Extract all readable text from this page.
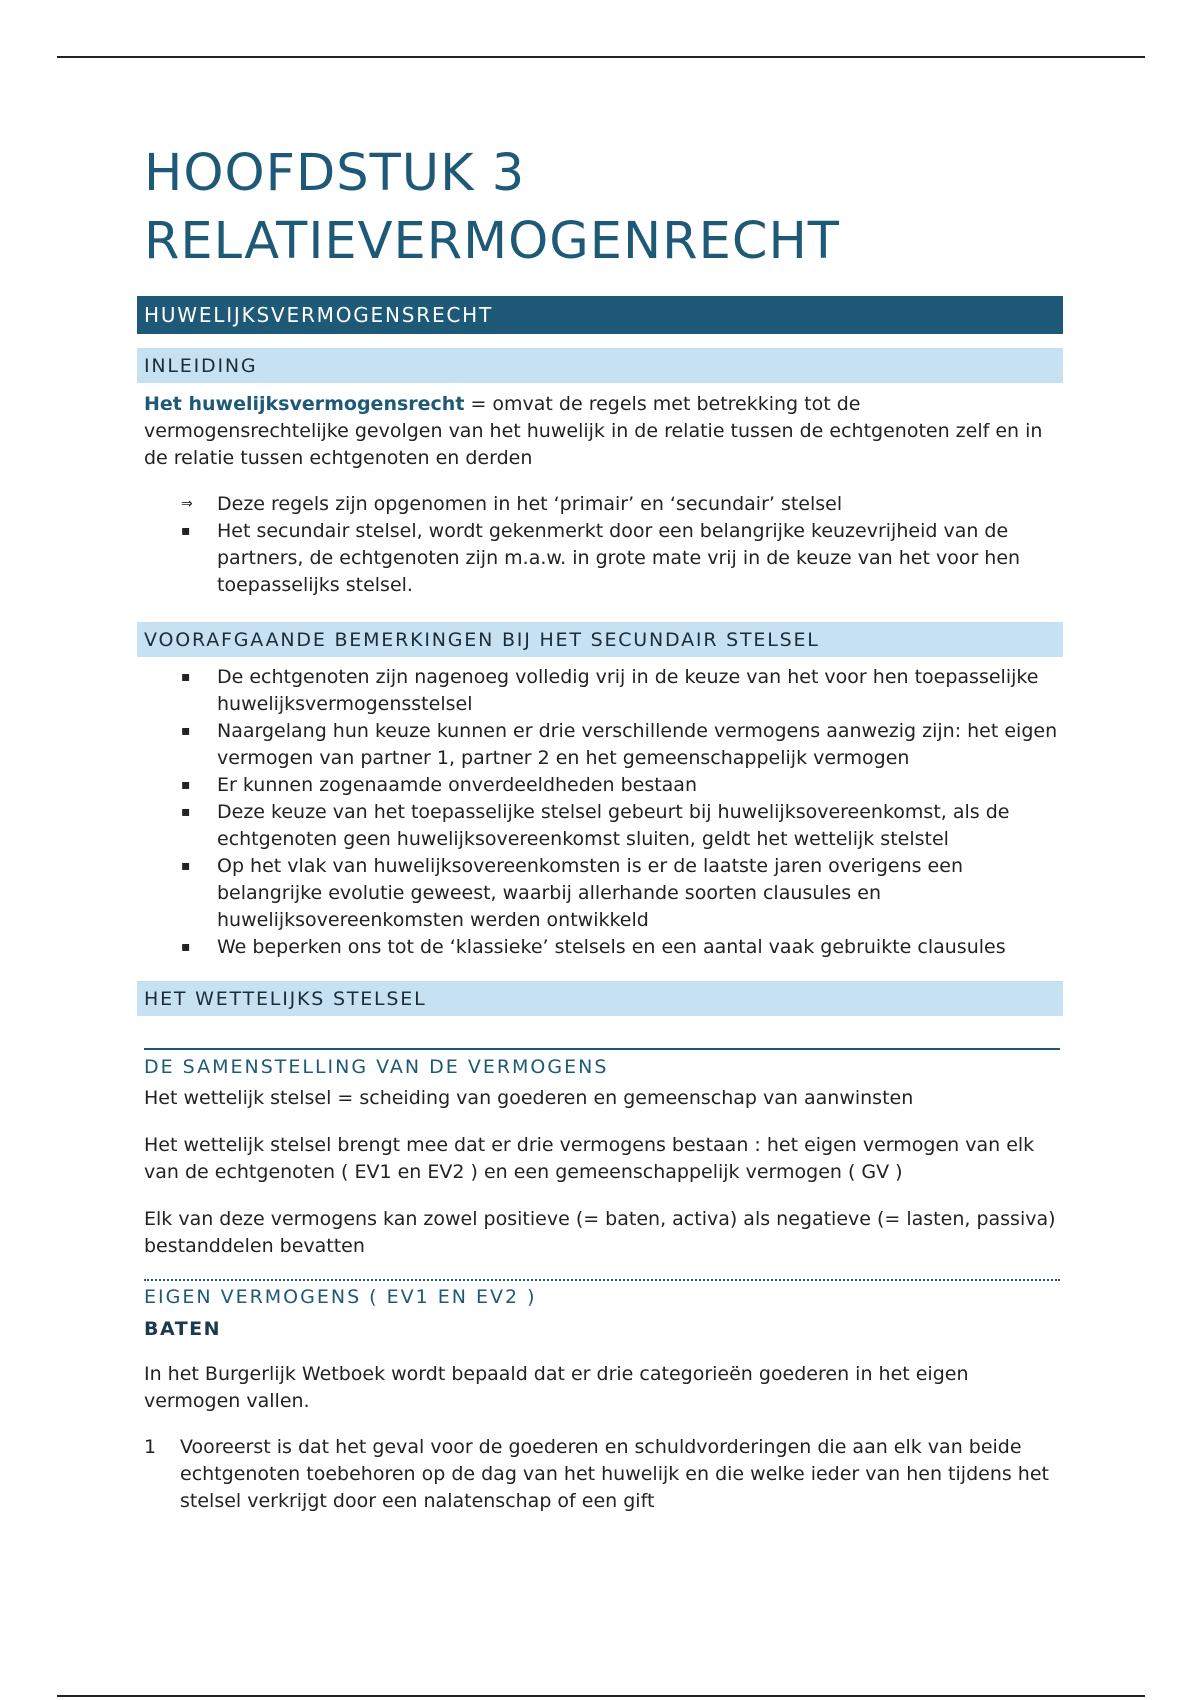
HOOFDSTUK 3
RELATIEVERMOGENRECHT
HUWELIJKSVERMOGENSRECHT
INLEIDING

Het huwelijksvermogensrecht = omvat de regels met betrekking tot de vermogensrechtelijke gevolgen van het huwelijk in de relatie tussen de echtgenoten zelf en in de relatie tussen echtgenoten en derden

⇒ Deze regels zijn opgenomen in het ‘primair’ en ‘secundair’ stelsel
▪ Het secundair stelsel, wordt gekenmerkt door een belangrijke keuzevrijheid van de partners, de echtgenoten zijn m.a.w. in grote mate vrij in de keuze van het voor hen toepasselijks stelsel.
VOORAFGAANDE BEMERKINGEN BIJ HET SECUNDAIR STELSEL
▪ De echtgenoten zijn nagenoeg volledig vrij in de keuze van het voor hen toepasselijke huwelijksvermogensstelsel
▪ Naargelang hun keuze kunnen er drie verschillende vermogens aanwezig zijn: het eigen vermogen van partner 1, partner 2 en het gemeenschappelijk vermogen
▪ Er kunnen zogenaamde onverdeeldheden bestaan
▪ Deze keuze van het toepasselijke stelsel gebeurt bij huwelijksovereenkomst, als de echtgenoten geen huwelijksovereenkomst sluiten, geldt het wettelijk stelstel
▪ Op het vlak van huwelijksovereenkomsten is er de laatste jaren overigens een belangrijke evolutie geweest, waarbij allerhande soorten clausules en huwelijksovereenkomsten werden ontwikkeld
▪ We beperken ons tot de ‘klassieke’ stelsels en een aantal vaak gebruikte clausules
HET WETTELIJKS STELSEL
DE SAMENSTELLING VAN DE VERMOGENS

Het wettelijk stelsel = scheiding van goederen en gemeenschap van aanwinsten

Het wettelijk stelsel brengt mee dat er drie vermogens bestaan : het eigen vermogen van elk van de echtgenoten ( EV1 en EV2 ) en een gemeenschappelijk vermogen ( GV )

Elk van deze vermogens kan zowel positieve (= baten, activa) als negatieve (= lasten, passiva) bestanddelen bevatten

EIGEN VERMOGENS ( EV1 EN EV2 )
BATEN

In het Burgerlijk Wetboek wordt bepaald dat er drie categorieën goederen in het eigen vermogen vallen.

1 Vooreerst is dat het geval voor de goederen en schuldvorderingen die aan elk van beide echtgenoten toebehoren op de dag van het huwelijk en die welke ieder van hen tijdens het stelsel verkrijgt door een nalatenschap of een gift
